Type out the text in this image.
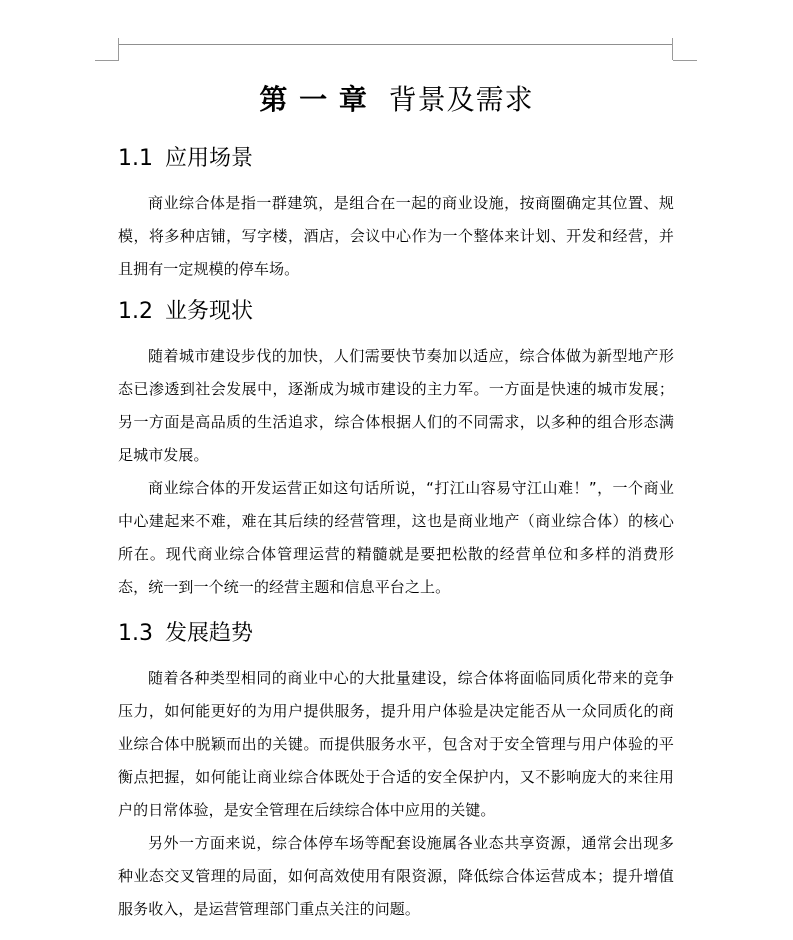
第 一 章 背景及需求
1.1 应用场景

商业综合体是指一群建筑，是组合在一起的商业设施，按商圈确定其位置、规模，将多种店铺，写字楼，酒店，会议中心作为一个整体来计划、开发和经营，并且拥有一定规模的停车场。

1.2 业务现状

随着城市建设步伐的加快，人们需要快节奏加以适应，综合体做为新型地产形态已渗透到社会发展中，逐渐成为城市建设的主力军。一方面是快速的城市发展；另一方面是高品质的生活追求，综合体根据人们的不同需求，以多种的组合形态满足城市发展。

商业综合体的开发运营正如这句话所说，“打江山容易守江山难！”，一个商业中心建起来不难，难在其后续的经营管理，这也是商业地产（商业综合体）的核心所在。现代商业综合体管理运营的精髓就是要把松散的经营单位和多样的消费形态，统一到一个统一的经营主题和信息平台之上。

1.3 发展趋势

随着各种类型相同的商业中心的大批量建设，综合体将面临同质化带来的竞争压力，如何能更好的为用户提供服务，提升用户体验是决定能否从一众同质化的商业综合体中脱颖而出的关键。而提供服务水平，包含对于安全管理与用户体验的平衡点把握，如何能让商业综合体既处于合适的安全保护内，又不影响庞大的来往用户的日常体验，是安全管理在后续综合体中应用的关键。

另外一方面来说，综合体停车场等配套设施属各业态共享资源，通常会出现多种业态交叉管理的局面，如何高效使用有限资源，降低综合体运营成本；提升增值服务收入，是运营管理部门重点关注的问题。
